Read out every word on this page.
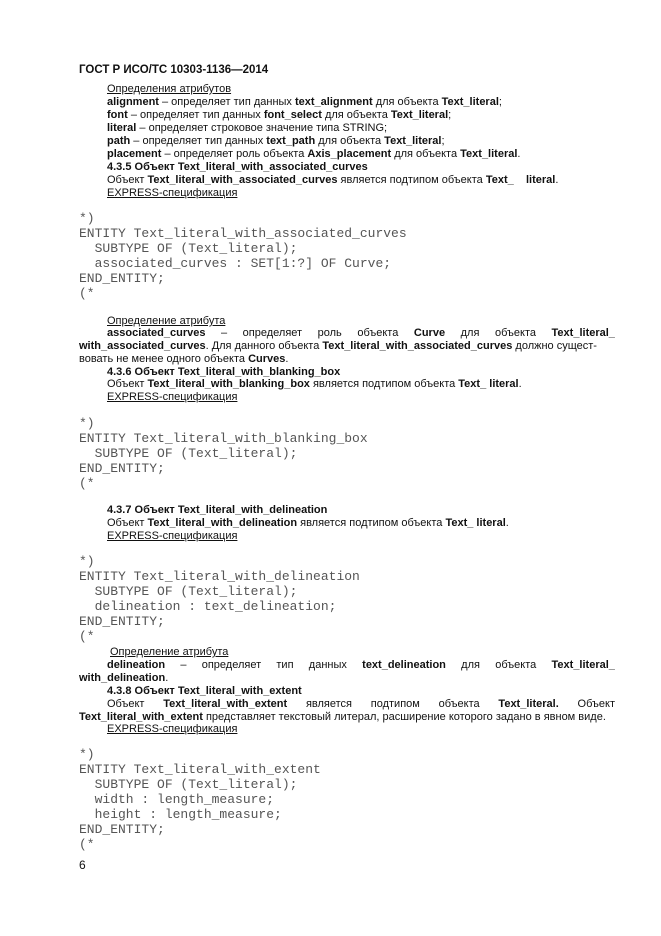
ГОСТ Р ИСО/ТС 10303-1136—2014
Определения атрибутов
alignment – определяет тип данных text_alignment для объекта Text_literal;
font – определяет тип данных font_select для объекта Text_literal;
literal – определяет строковое значение типа STRING;
path – определяет тип данных text_path для объекта Text_literal;
placement – определяет роль объекта Axis_placement для объекта Text_literal.
4.3.5 Объект Text_literal_with_associated_curves
Объект Text_literal_with_associated_curves является подтипом объекта Text_ literal.
EXPRESS-спецификация
*)
ENTITY Text_literal_with_associated_curves
SUBTYPE OF (Text_literal);
associated_curves : SET[1:?] OF Curve;
END_ENTITY;
(*
Определение атрибута
associated_curves – определяет роль объекта Curve для объекта Text_literal_
with_associated_curves. Для данного объекта Text_literal_with_associated_curves должно сущест-
вовать не менее одного объекта Curves.
4.3.6 Объект Text_literal_with_blanking_box
Объект Text_literal_with_blanking_box является подтипом объекта Text_ literal.
EXPRESS-спецификация
*)
ENTITY Text_literal_with_blanking_box
SUBTYPE OF (Text_literal);
END_ENTITY;
(*
4.3.7 Объект Text_literal_with_delineation
Объект Text_literal_with_delineation является подтипом объекта Text_ literal.
EXPRESS-спецификация
*)
ENTITY Text_literal_with_delineation
SUBTYPE OF (Text_literal);
delineation : text_delineation;
END_ENTITY;
(*
Определение атрибута
delineation – определяет тип данных text_delineation для объекта Text_literal_
with_delineation.
4.3.8 Объект Text_literal_with_extent
Объект Text_literal_with_extent является подтипом объекта Text_literal. Объект
Text_literal_with_extent представляет текстовый литерал, расширение которого задано в явном виде.
EXPRESS-спецификация
*)
ENTITY Text_literal_with_extent
SUBTYPE OF (Text_literal);
width : length_measure;
height : length_measure;
END_ENTITY;
(*
6
